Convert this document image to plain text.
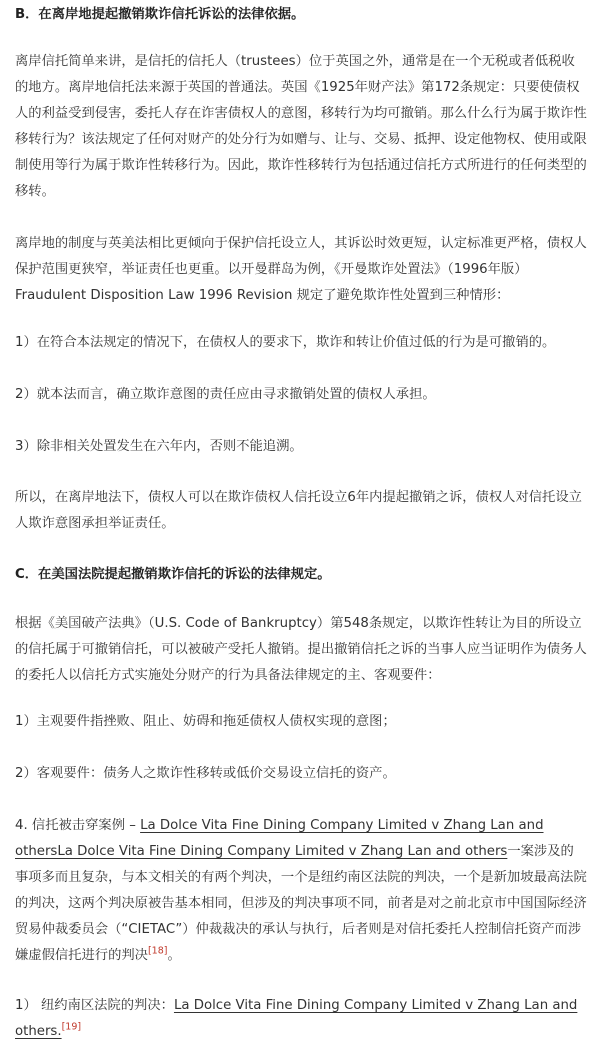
B．在离岸地提起撤销欺诈信托诉讼的法律依据。

离岸信托简单来讲，是信托的信托人（trustees）位于英国之外，通常是在一个无税或者低税收的地方。离岸地信托法来源于英国的普通法。英国《1925年财产法》第172条规定：只要使债权人的利益受到侵害，委托人存在诈害债权人的意图，移转行为均可撤销。那么什么行为属于欺诈性移转行为？该法规定了任何对财产的处分行为如赠与、让与、交易、抵押、设定他物权、使用或限制使用等行为属于欺诈性转移行为。因此，欺诈性移转行为包括通过信托方式所进行的任何类型的移转。

离岸地的制度与英美法相比更倾向于保护信托设立人，其诉讼时效更短，认定标准更严格，债权人保护范围更狭窄，举证责任也更重。以开曼群岛为例，《开曼欺诈处置法》（1996年版）Fraudulent Disposition Law 1996 Revision 规定了避免欺诈性处置到三种情形：

1）在符合本法规定的情况下，在债权人的要求下，欺诈和转让价值过低的行为是可撤销的。

2）就本法而言，确立欺诈意图的责任应由寻求撤销处置的债权人承担。

3）除非相关处置发生在六年内，否则不能追溯。

所以，在离岸地法下，债权人可以在欺诈债权人信托设立6年内提起撤销之诉，债权人对信托设立人欺诈意图承担举证责任。

C．在美国法院提起撤销欺诈信托的诉讼的法律规定。

根据《美国破产法典》（U.S. Code of Bankruptcy）第548条规定，以欺诈性转让为目的所设立的信托属于可撤销信托，可以被破产受托人撤销。提出撤销信托之诉的当事人应当证明作为债务人的委托人以信托方式实施处分财产的行为具备法律规定的主、客观要件：

1）主观要件指挫败、阻止、妨碍和拖延债权人债权实现的意图；

2）客观要件：债务人之欺诈性移转或低价交易设立信托的资产。

4. 信托被击穿案例 – La Dolce Vita Fine Dining Company Limited v Zhang Lan and othersLa Dolce Vita Fine Dining Company Limited v Zhang Lan and others一案涉及的事项多而且复杂，与本文相关的有两个判决，一个是纽约南区法院的判决，一个是新加坡最高法院的判决，这两个判决原被告基本相同，但涉及的判决事项不同，前者是对之前北京市中国国际经济贸易仲裁委员会（“CIETAC”）仲裁裁决的承认与执行，后者则是对信托委托人控制信托资产而涉嫌虚假信托进行的判决[18]。

1） 纽约南区法院的判决：La Dolce Vita Fine Dining Company Limited v Zhang Lan and others.[19]
